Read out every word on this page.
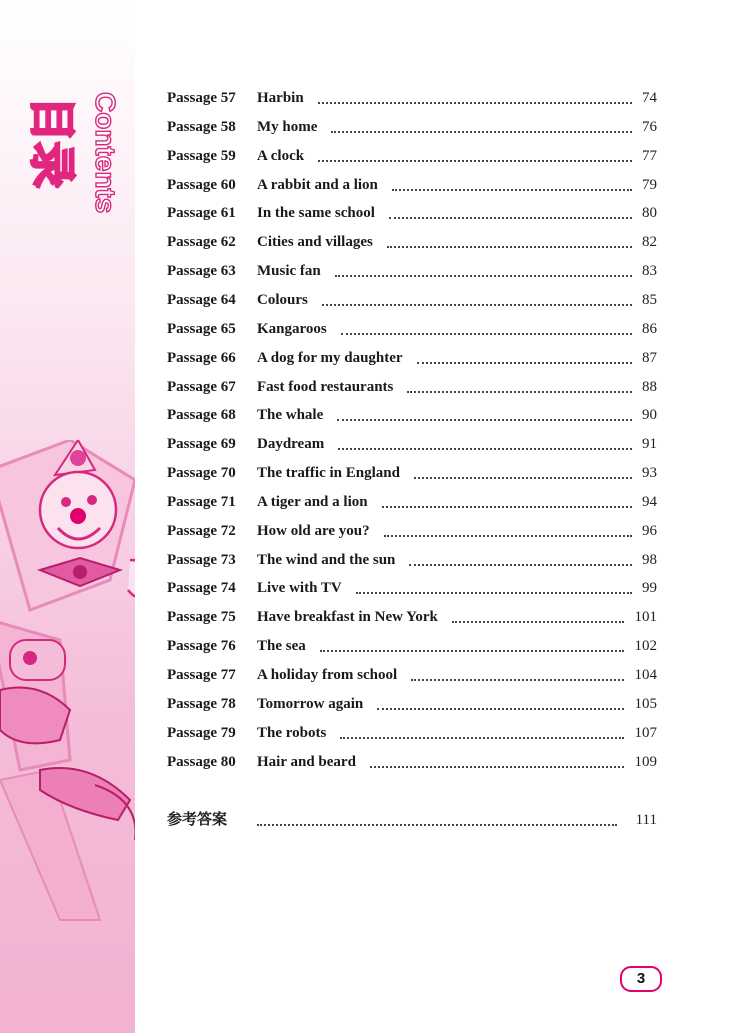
Contents
目录	Passage 57 Harbin	74
Passage 58 My home	76
Passage 59 A clock	77
Passage 60 A rabbit and a lion	79
Passage 61 In the same school	80
Passage 62 Cities and villages	82
Passage 63 Music fan	83
Passage 64 Colours	85
Passage 65 Kangaroos	86
Passage 66 A dog for my daughter	87
Passage 67 Fast food restaurants	88
Passage 68 The whale	90
Passage 69 Daydream	91
Passage 70 The traffic in England	93
Passage 71 A tiger and a lion	94
Passage 72 How old are you?	96
Passage 73 The wind and the sun	98
Passage 74 Live with TV	99
Passage 75 Have breakfast in New York	101
Passage 76 The sea	102
Passage 77 A holiday from school	104
Passage 78 Tomorrow again	105
Passage 79 The robots	107
Passage 80 Hair and beard	109
参考答案	111
3
